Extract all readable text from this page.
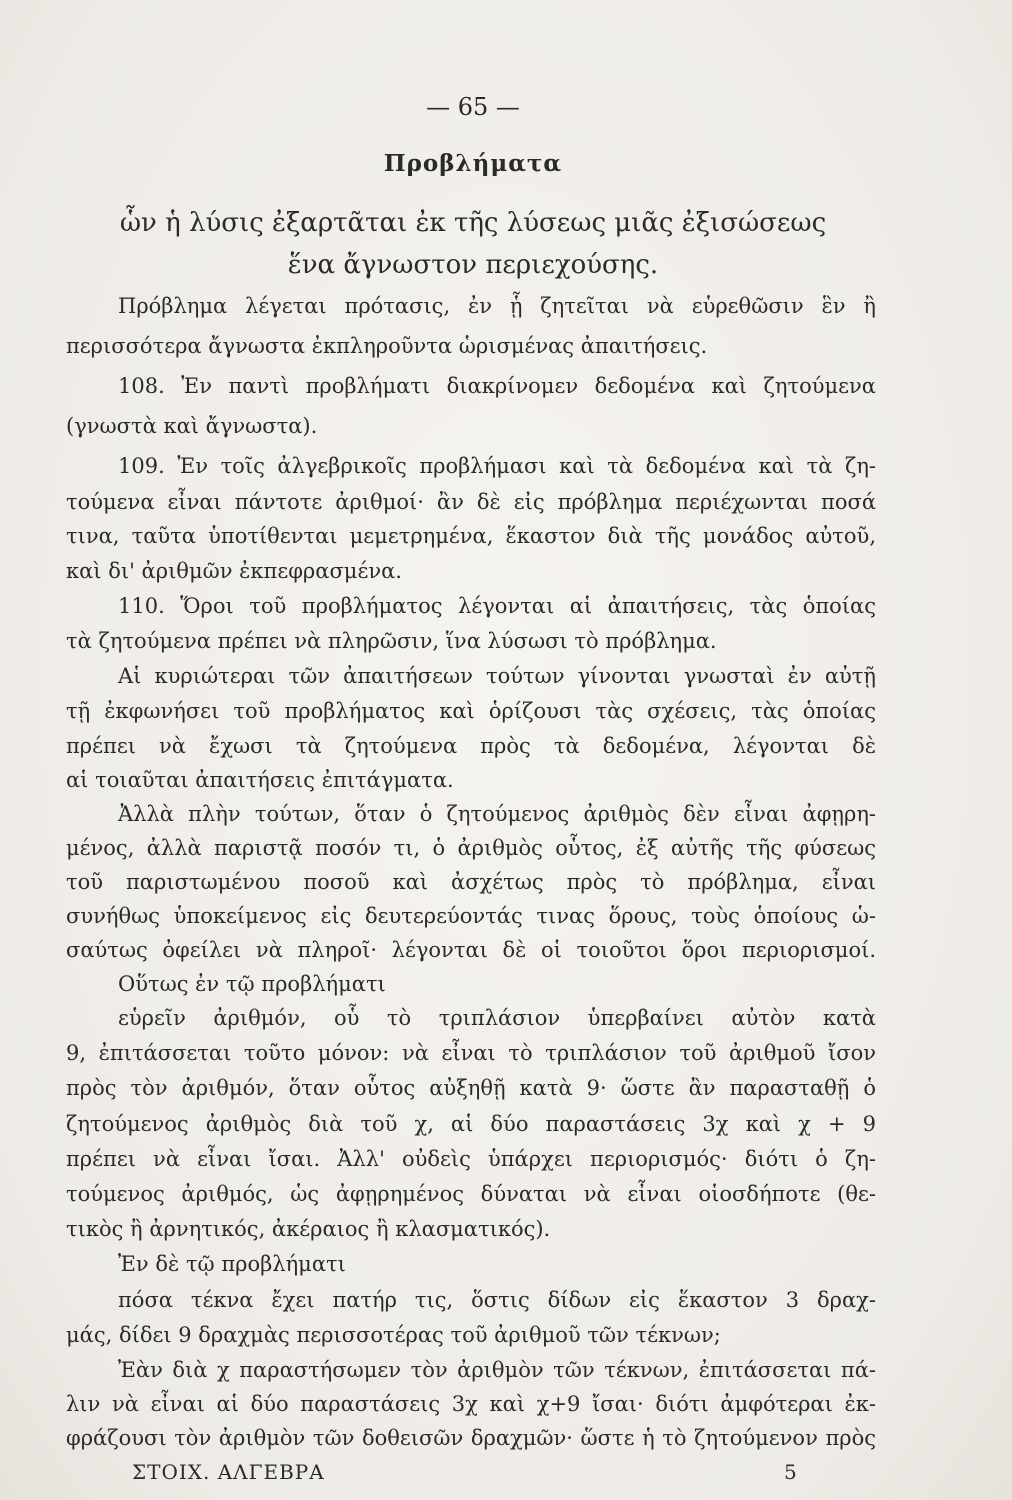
— 65 —
Προβλήματα
ὧν ἡ λύσις ἐξαρτᾶται ἐκ τῆς λύσεως μιᾶς ἐξισώσεως
ἕνα ἄγνωστον περιεχούσης.
Πρόβλημα λέγεται πρότασις, ἐν ᾗ ζητεῖται νὰ εὑρεθῶσιν ἓν ἢ
περισσότερα ἄγνωστα ἐκπληροῦντα ὡρισμένας ἀπαιτήσεις.
108. Ἐν παντὶ προβλήματι διακρίνομεν δεδομένα καὶ ζητούμενα
(γνωστὰ καὶ ἄγνωστα).
109. Ἐν τοῖς ἀλγεβρικοῖς προβλήμασι καὶ τὰ δεδομένα καὶ τὰ ζη-
τούμενα εἶναι πάντοτε ἀριθμοί· ἂν δὲ εἰς πρόβλημα περιέχωνται ποσά
τινα, ταῦτα ὑποτίθενται μεμετρημένα, ἕκαστον διὰ τῆς μονάδος αὐτοῦ,
καὶ δι' ἀριθμῶν ἐκπεφρασμένα.
110. Ὅροι τοῦ προβλήματος λέγονται αἱ ἀπαιτήσεις, τὰς ὁποίας
τὰ ζητούμενα πρέπει νὰ πληρῶσιν, ἵνα λύσωσι τὸ πρόβλημα.
Αἱ κυριώτεραι τῶν ἀπαιτήσεων τούτων γίνονται γνωσταὶ ἐν αὐτῇ
τῇ ἐκφωνήσει τοῦ προβλήματος καὶ ὁρίζουσι τὰς σχέσεις, τὰς ὁποίας
πρέπει νὰ ἔχωσι τὰ ζητούμενα πρὸς τὰ δεδομένα, λέγονται δὲ
αἱ τοιαῦται ἀπαιτήσεις ἐπιτάγματα.
Ἀλλὰ πλὴν τούτων, ὅταν ὁ ζητούμενος ἀριθμὸς δὲν εἶναι ἀφῃρη-
μένος, ἀλλὰ παριστᾷ ποσόν τι, ὁ ἀριθμὸς οὗτος, ἐξ αὐτῆς τῆς φύσεως
τοῦ παριστωμένου ποσοῦ καὶ ἀσχέτως πρὸς τὸ πρόβλημα, εἶναι
συνήθως ὑποκείμενος εἰς δευτερεύοντάς τινας ὅρους, τοὺς ὁποίους ὡ-
σαύτως ὀφείλει νὰ πληροῖ· λέγονται δὲ οἱ τοιοῦτοι ὅροι περιορισμοί.
Οὕτως ἐν τῷ προβλήματι
εὑρεῖν ἀριθμόν, οὗ τὸ τριπλάσιον ὑπερβαίνει αὐτὸν κατὰ
9, ἐπιτάσσεται τοῦτο μόνον: νὰ εἶναι τὸ τριπλάσιον τοῦ ἀριθμοῦ ἴσον
πρὸς τὸν ἀριθμόν, ὅταν οὗτος αὐξηθῇ κατὰ 9· ὥστε ἂν παρασταθῇ ὁ
ζητούμενος ἀριθμὸς διὰ τοῦ χ, αἱ δύο παραστάσεις 3χ καὶ χ + 9
πρέπει νὰ εἶναι ἴσαι. Ἀλλ' οὐδεὶς ὑπάρχει περιορισμός· διότι ὁ ζη-
τούμενος ἀριθμός, ὡς ἀφῃρημένος δύναται νὰ εἶναι οἱοσδήποτε (θε-
τικὸς ἢ ἀρνητικός, ἀκέραιος ἢ κλασματικός).
Ἐν δὲ τῷ προβλήματι
πόσα τέκνα ἔχει πατήρ τις, ὅστις δίδων εἰς ἕκαστον 3 δραχ-
μάς, δίδει 9 δραχμὰς περισσοτέρας τοῦ ἀριθμοῦ τῶν τέκνων;
Ἐὰν διὰ χ παραστήσωμεν τὸν ἀριθμὸν τῶν τέκνων, ἐπιτάσσεται πά-
λιν νὰ εἶναι αἱ δύο παραστάσεις 3χ καὶ χ+9 ἴσαι· διότι ἀμφότεραι ἐκ-
φράζουσι τὸν ἀριθμὸν τῶν δοθεισῶν δραχμῶν· ὥστε ἡ τὸ ζητούμενον πρὸς
ΣΤΟΙΧ. ΑΛΓΕΒΡΑ	5
